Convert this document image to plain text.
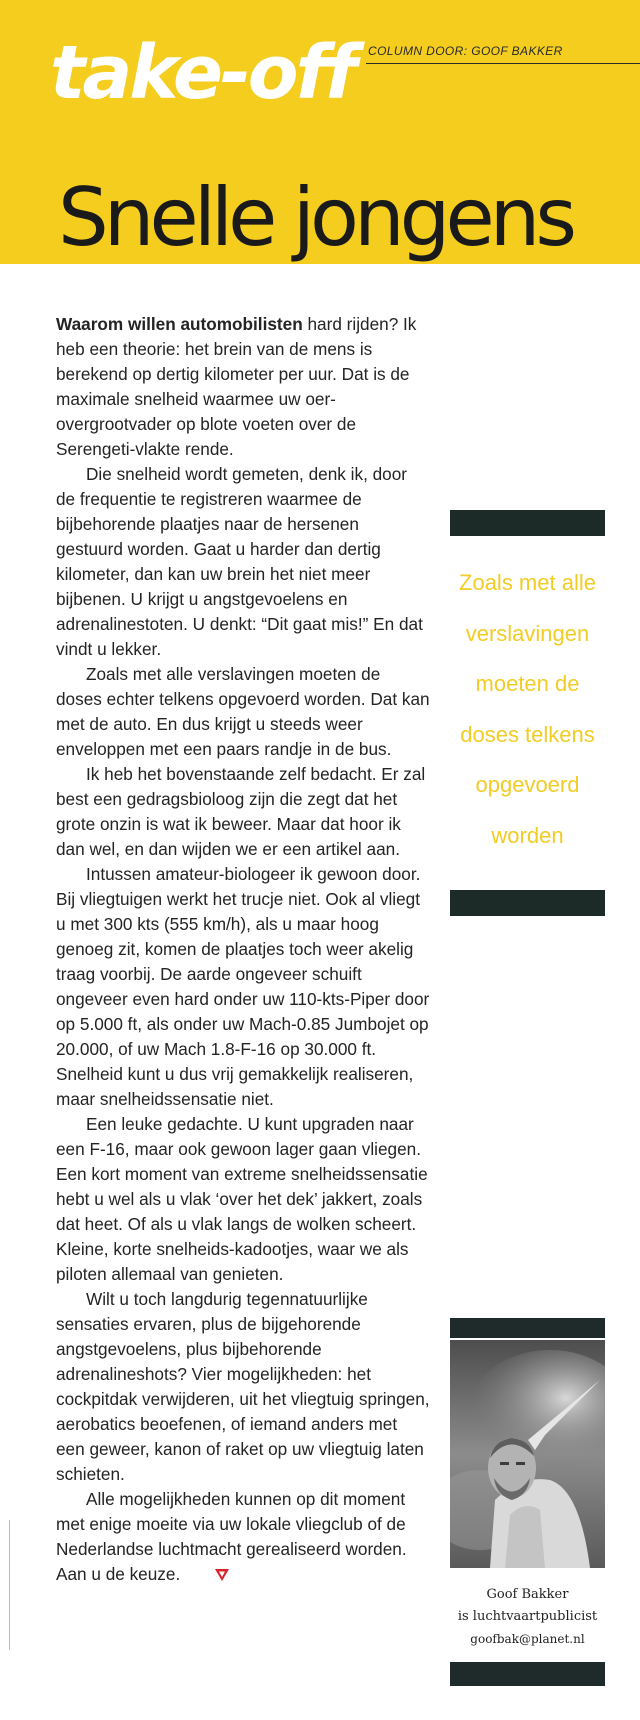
take-off COLUMN DOOR: GOOF BAKKER
Snelle jongens

Waarom willen automobilisten hard rijden? Ik heb een theorie: het brein van de mens is berekend op dertig kilometer per uur. Dat is de maximale snelheid waarmee uw oer-overgrootvader op blote voeten over de Serengeti-vlakte rende.

Die snelheid wordt gemeten, denk ik, door de frequentie te registreren waarmee de bijbehorende plaatjes naar de hersenen gestuurd worden. Gaat u harder dan dertig kilometer, dan kan uw brein het niet meer bijbenen. U krijgt u angstgevoelens en adrenalinestoten. U denkt: “Dit gaat mis!” En dat vindt u lekker.

Zoals met alle verslavingen moeten de doses echter telkens opgevoerd worden. Dat kan met de auto. En dus krijgt u steeds weer enveloppen met een paars randje in de bus.

Ik heb het bovenstaande zelf bedacht. Er zal best een gedragsbioloog zijn die zegt dat het grote onzin is wat ik beweer. Maar dat hoor ik dan wel, en dan wijden we er een artikel aan.

Intussen amateur-biologeer ik gewoon door. Bij vliegtuigen werkt het trucje niet. Ook al vliegt u met 300 kts (555 km/h), als u maar hoog genoeg zit, komen de plaatjes toch weer akelig traag voorbij. De aarde ongeveer schuift ongeveer even hard onder uw 110-kts-Piper door op 5.000 ft, als onder uw Mach-0.85 Jumbojet op 20.000, of uw Mach 1.8-F-16 op 30.000 ft. Snelheid kunt u dus vrij gemakkelijk realiseren, maar snelheidssensatie niet.

Een leuke gedachte. U kunt upgraden naar een F-16, maar ook gewoon lager gaan vliegen. Een kort moment van extreme snelheidssensatie hebt u wel als u vlak ‘over het dek’ jakkert, zoals dat heet. Of als u vlak langs de wolken scheert. Kleine, korte snelheids-kadootjes, waar we als piloten allemaal van genieten.

Wilt u toch langdurig tegennatuurlijke sensaties ervaren, plus de bijgehorende angstgevoelens, plus bijbehorende adrenalineshots? Vier mogelijkheden: het cockpitdak verwijderen, uit het vliegtuig springen, aerobatics beoefenen, of iemand anders met een geweer, kanon of raket op uw vliegtuig laten schieten.

Alle mogelijkheden kunnen op dit moment met enige moeite via uw lokale vliegclub of de Nederlandse luchtmacht gerealiseerd worden. Aan u de keuze.

Zoals met alle verslavingen moeten de doses telkens opgevoerd worden
Goof Bakker
is luchtvaartpublicist
goofbak@planet.nl
